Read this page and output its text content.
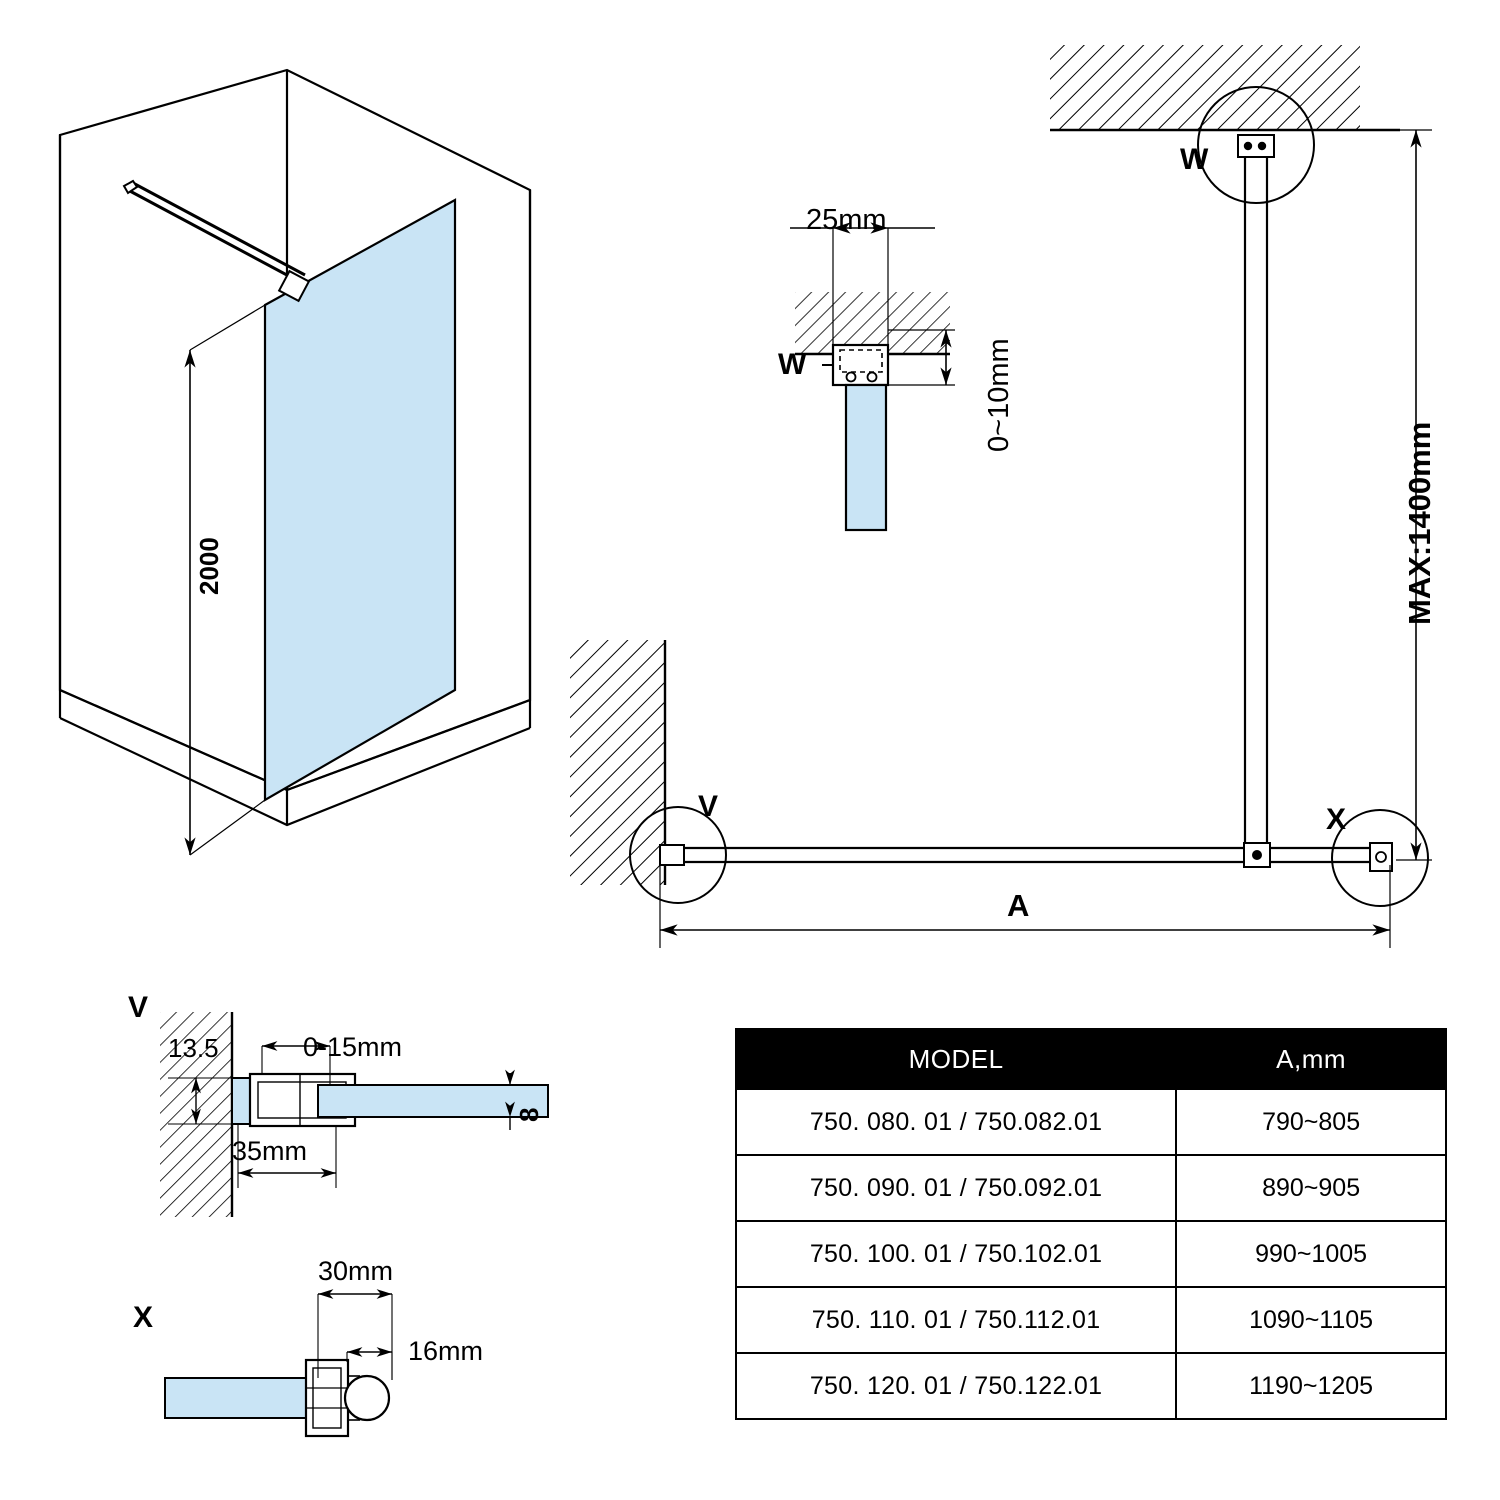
2000
25mm
0~10mm
W
W
V	X
MAX:1400mm
A
V
13.5	0-15mm
35mm
8
X
30mm
16mm
MODEL	A,mm
750. 080. 01 / 750.082.01	790~805
750. 090. 01 / 750.092.01	890~905
750. 100. 01 / 750.102.01	990~1005
750. 110. 01 / 750.112.01	1090~1105
750. 120. 01 / 750.122.01	1190~1205
